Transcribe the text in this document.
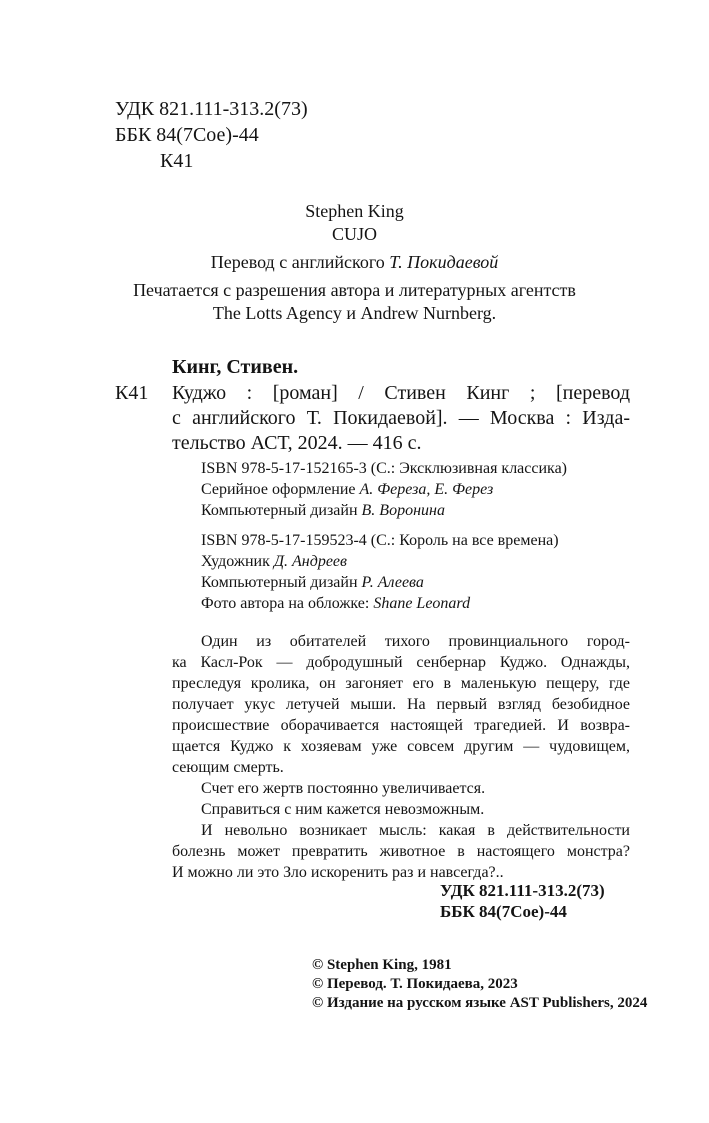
УДК 821.111-313.2(73)
ББК 84(7Сое)-44
К41
Stephen King
CUJO
Перевод с английского Т. Покидаевой
Печатается с разрешения автора и литературных агентств
The Lotts Agency и Andrew Nurnberg.
Кинг, Стивен.
К41 Куджо : [роман] / Стивен Кинг ; [перевод
с английского Т. Покидаевой]. — Москва : Изда-
тельство АСТ, 2024. — 416 с.
ISBN 978-5-17-152165-3 (С.: Эксклюзивная классика)
Серийное оформление А. Фереза, Е. Ферез
Компьютерный дизайн В. Воронина
ISBN 978-5-17-159523-4 (С.: Король на все времена)
Художник Д. Андреев
Компьютерный дизайн Р. Алеева
Фото автора на обложке: Shane Leonard
Один из обитателей тихого провинциального город-
ка Касл-Рок — добродушный сенбернар Куджо. Однажды,
преследуя кролика, он загоняет его в маленькую пещеру, где
получает укус летучей мыши. На первый взгляд безобидное
происшествие оборачивается настоящей трагедией. И возвра-
щается Куджо к хозяевам уже совсем другим — чудовищем,
сеющим смерть.
Счет его жертв постоянно увеличивается.
Справиться с ним кажется невозможным.
И невольно возникает мысль: какая в действительности
болезнь может превратить животное в настоящего монстра?
И можно ли это Зло искоренить раз и навсегда?..
УДК 821.111-313.2(73)
ББК 84(7Сое)-44
© Stephen King, 1981
© Перевод. Т. Покидаева, 2023
© Издание на русском языке AST Publishers, 2024
